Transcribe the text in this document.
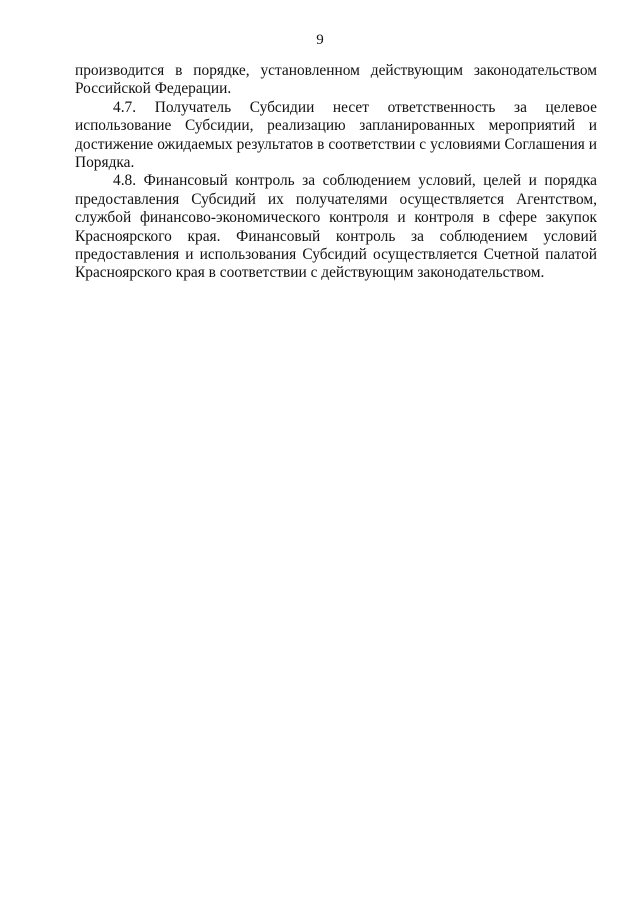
9

производится в порядке, установленном действующим законодательством Российской Федерации.

4.7. Получатель Субсидии несет ответственность за целевое использование Субсидии, реализацию запланированных мероприятий и достижение ожидаемых результатов в соответствии с условиями Соглашения и Порядка.

4.8. Финансовый контроль за соблюдением условий, целей и порядка предоставления Субсидий их получателями осуществляется Агентством, службой финансово-экономического контроля и контроля в сфере закупок Красноярского края. Финансовый контроль за соблюдением условий предоставления и использования Субсидий осуществляется Счетной палатой Красноярского края в соответствии с действующим законодательством.
